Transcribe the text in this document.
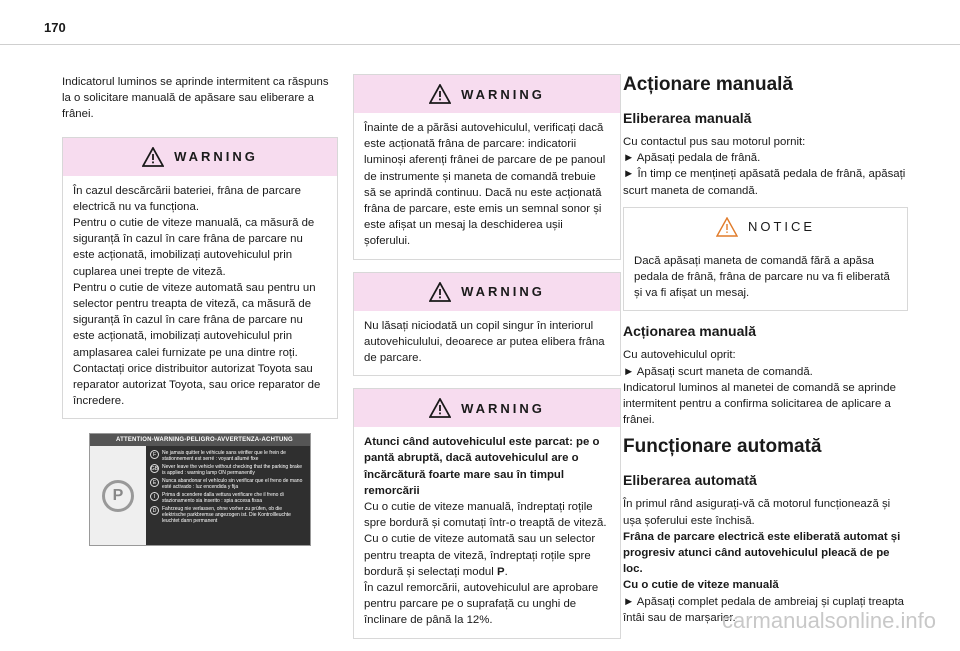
170

Indicatorul luminos se aprinde intermitent ca răspuns la o solicitare manuală de apăsare sau eliberare a frânei.

WARNING

În cazul descărcării bateriei, frâna de parcare electrică nu va funcționa.

Pentru o cutie de viteze manuală, ca măsură de siguranță în cazul în care frâna de parcare nu este acționată, imobilizați autovehiculul prin cuplarea unei trepte de viteză.

Pentru o cutie de viteze automată sau pentru un selector pentru treapta de viteză, ca măsură de siguranță în cazul în care frâna de parcare nu este acționată, imobilizați autovehiculul prin amplasarea calei furnizate pe una dintre roți.

Contactați orice distribuitor autorizat Toyota sau reparator autorizat Toyota, sau orice reparator de încredere.

ATTENTION-WARNING-PELIGRO-AVVERTENZA-ACHTUNG
P
F	Ne jamais quitter le véhicule sans vérifier que le frein de stationnement est serré : voyant allumé fixe
GB Never leave the vehicle without checking that the parking brake is applied : warning lamp ON permanently
E	Nunca abandonar el vehículo sin verificar que el freno de mano esté activado : luz encendida y fija
I	Prima di scendere dalla vettura verificare che il freno di stazionamento sia inserito : spia accesa fissa
D	Fahrzeug nie verlassen, ohne vorher zu prüfen, ob die elektrische parkbremse angezogen ist. Die Kontrollleuchte leuchtet dann permanent
WARNING

Înainte de a părăsi autovehiculul, verificați dacă este acționată frâna de parcare: indicatorii luminoși aferenți frânei de parcare de pe panoul de instrumente și maneta de comandă trebuie să se aprindă continuu. Dacă nu este acționată frâna de parcare, este emis un semnal sonor și este afișat un mesaj la deschiderea ușii șoferului.

WARNING

Nu lăsați niciodată un copil singur în interiorul autovehiculului, deoarece ar putea elibera frâna de parcare.

WARNING

Atunci când autovehiculul este parcat: pe o pantă abruptă, dacă autovehiculul are o încărcătură foarte mare sau în timpul remorcării

Cu o cutie de viteze manuală, îndreptați roțile spre bordură și comutați într-o treaptă de viteză.

Cu o cutie de viteze automată sau un selector pentru treapta de viteză, îndreptați roțile spre bordură și selectați modul P.

În cazul remorcării, autovehiculul are aprobare pentru parcare pe o suprafață cu unghi de înclinare de până la 12%.

Acționare manuală
Eliberarea manuală

Cu contactul pus sau motorul pornit:

► Apăsați pedala de frână.

► În timp ce mențineți apăsată pedala de frână, apăsați scurt maneta de comandă.

NOTICE

Dacă apăsați maneta de comandă fără a apăsa pedala de frână, frâna de parcare nu va fi eliberată și va fi afișat un mesaj.

Acționarea manuală

Cu autovehiculul oprit:

► Apăsați scurt maneta de comandă.

Indicatorul luminos al manetei de comandă se aprinde intermitent pentru a confirma solicitarea de aplicare a frânei.

Funcționare automată
Eliberarea automată

În primul rând asigurați-vă că motorul funcționează și ușa șoferului este închisă.

Frâna de parcare electrică este eliberată automat și progresiv atunci când autovehiculul pleacă de pe loc.

Cu o cutie de viteze manuală

► Apăsați complet pedala de ambreiaj și cuplați treapta întâi sau de marșarier.

carmanualsonline.info
